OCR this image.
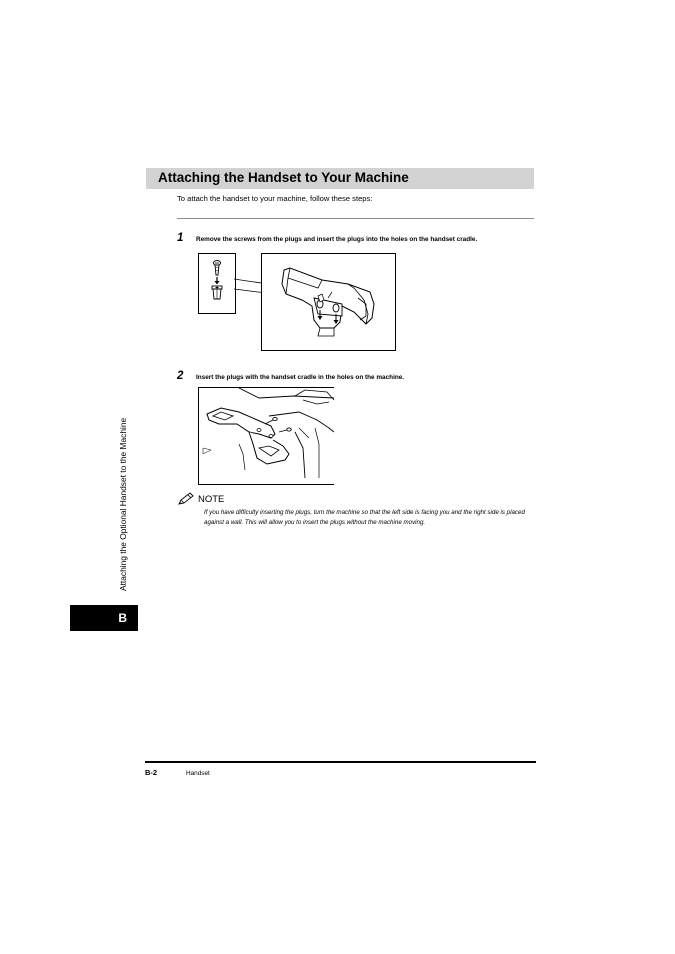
Attaching the Handset to Your Machine
To attach the handset to your machine, follow these steps:
1 Remove the screws from the plugs and insert the plugs into the holes on the handset cradle.
2 Insert the plugs with the handset cradle in the holes on the machine.
NOTE
If you have difficulty inserting the plugs, turn the machine so that the left side is facing you and the right side is placed against a wall. This will allow you to insert the plugs without the machine moving.
Attaching the Optional Handset to the Machine
B
B-2	Handset
